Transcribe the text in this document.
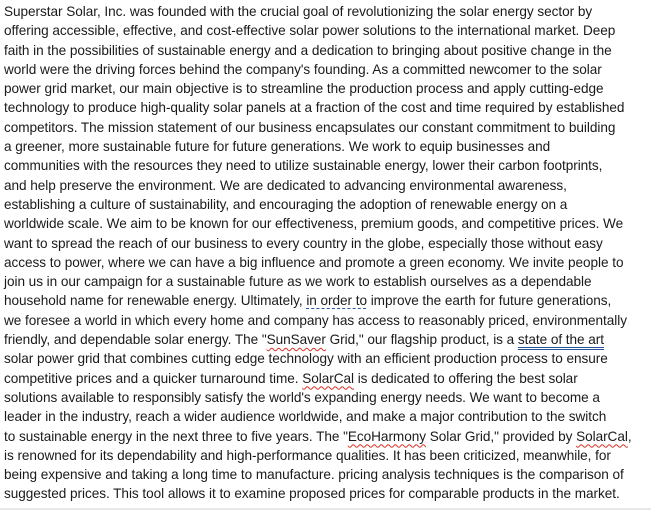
Superstar Solar, Inc. was founded with the crucial goal of revolutionizing the solar energy sector by
offering accessible, effective, and cost-effective solar power solutions to the international market. Deep
faith in the possibilities of sustainable energy and a dedication to bringing about positive change in the
world were the driving forces behind the company's founding. As a committed newcomer to the solar
power grid market, our main objective is to streamline the production process and apply cutting-edge
technology to produce high-quality solar panels at a fraction of the cost and time required by established
competitors. The mission statement of our business encapsulates our constant commitment to building
a greener, more sustainable future for future generations. We work to equip businesses and
communities with the resources they need to utilize sustainable energy, lower their carbon footprints,
and help preserve the environment. We are dedicated to advancing environmental awareness,
establishing a culture of sustainability, and encouraging the adoption of renewable energy on a
worldwide scale. We aim to be known for our effectiveness, premium goods, and competitive prices. We
want to spread the reach of our business to every country in the globe, especially those without easy
access to power, where we can have a big influence and promote a green economy. We invite people to
join us in our campaign for a sustainable future as we work to establish ourselves as a dependable
household name for renewable energy. Ultimately, in order to improve the earth for future generations,
we foresee a world in which every home and company has access to reasonably priced, environmentally
friendly, and dependable solar energy. The "SunSaver Grid," our flagship product, is a state of the art
solar power grid that combines cutting edge technology with an efficient production process to ensure
competitive prices and a quicker turnaround time. SolarCal is dedicated to offering the best solar
solutions available to responsibly satisfy the world's expanding energy needs. We want to become a
leader in the industry, reach a wider audience worldwide, and make a major contribution to the switch
to sustainable energy in the next three to five years. The "EcoHarmony Solar Grid," provided by SolarCal,
is renowned for its dependability and high-performance qualities. It has been criticized, meanwhile, for
being expensive and taking a long time to manufacture. pricing analysis techniques is the comparison of
suggested prices. This tool allows it to examine proposed prices for comparable products in the market.
